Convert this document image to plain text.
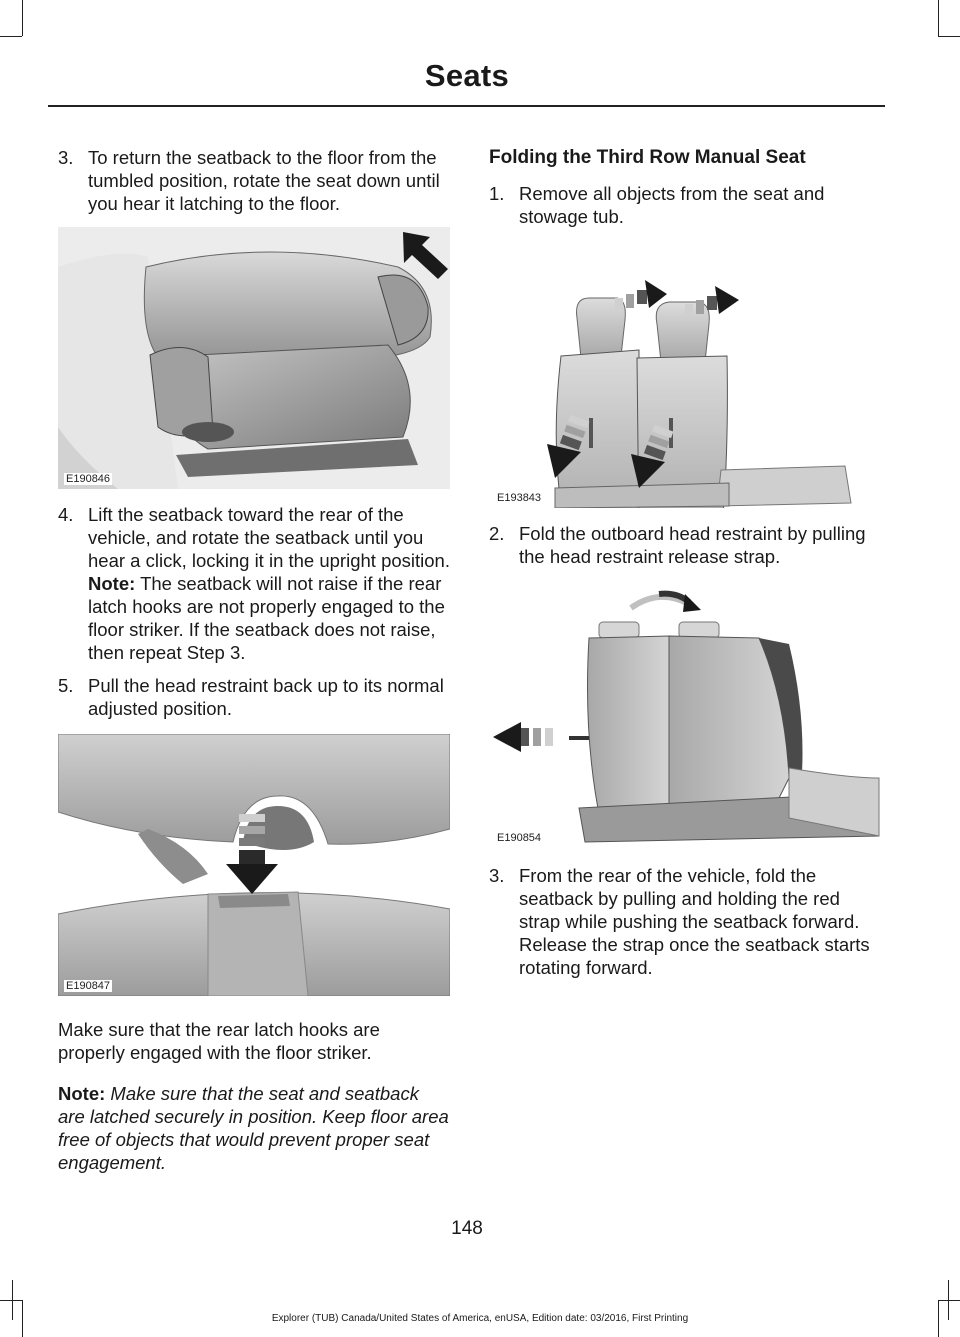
Seats
3. To return the seatback to the floor from the tumbled position, rotate the seat down until you hear it latching to the floor.
E190846
4. Lift the seatback toward the rear of the vehicle, and rotate the seatback until you hear a click, locking it in the upright position. Note: The seatback will not raise if the rear latch hooks are not properly engaged to the floor striker. If the seatback does not raise, then repeat Step 3.
5. Pull the head restraint back up to its normal adjusted position.
E190847

Make sure that the rear latch hooks are properly engaged with the floor striker.

Note: Make sure that the seat and seatback are latched securely in position. Keep floor area free of objects that would prevent proper seat engagement.

Folding the Third Row Manual Seat
1. Remove all objects from the seat and stowage tub.
E193843
2. Fold the outboard head restraint by pulling the head restraint release strap.
E190854
3. From the rear of the vehicle, fold the seatback by pulling and holding the red strap while pushing the seatback forward. Release the strap once the seatback starts rotating forward.
148
Explorer (TUB) Canada/United States of America, enUSA, Edition date: 03/2016, First Printing
